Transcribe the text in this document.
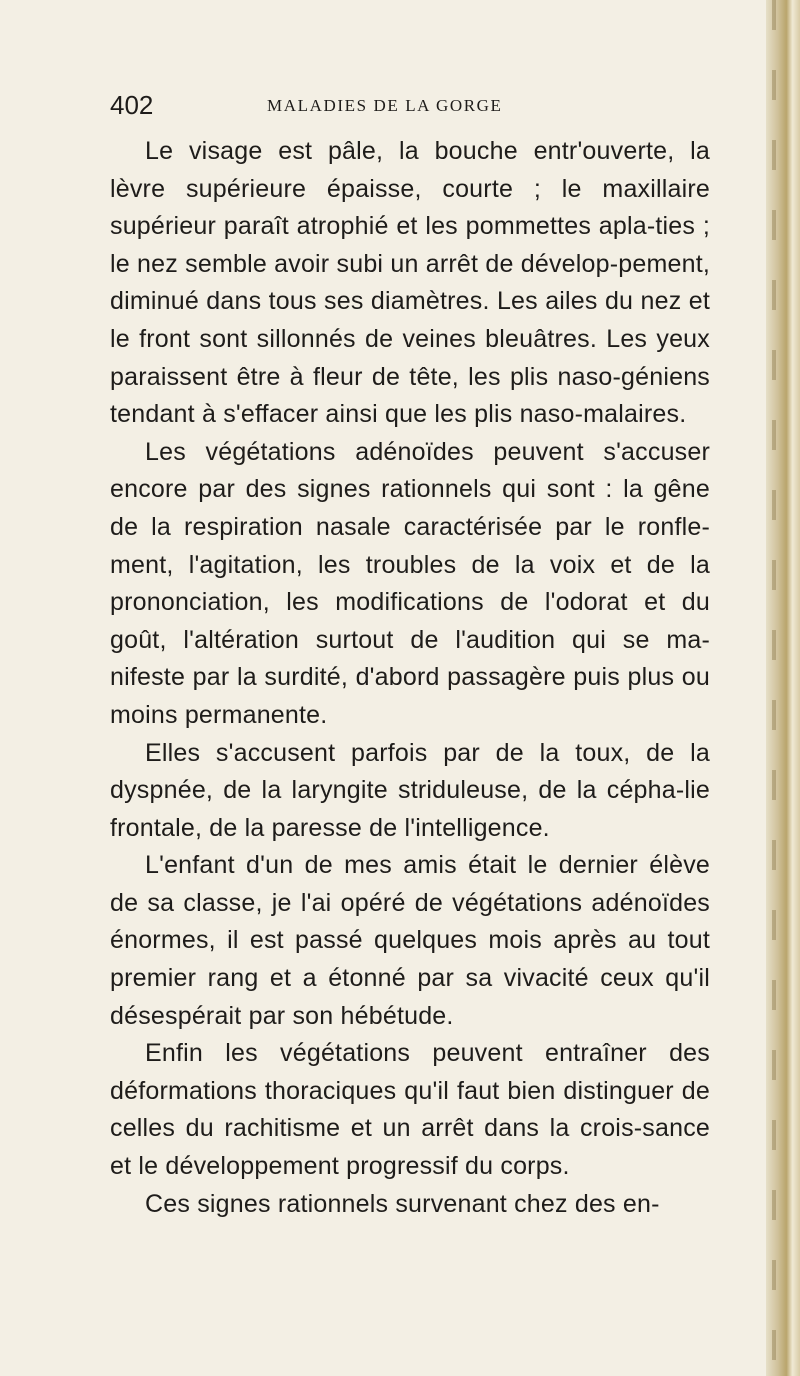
402	MALADIES DE LA GORGE

Le visage est pâle, la bouche entr'ouverte, la lèvre supérieure épaisse, courte ; le maxillaire supérieur paraît atrophié et les pommettes apla-ties ; le nez semble avoir subi un arrêt de dévelop-pement, diminué dans tous ses diamètres. Les ailes du nez et le front sont sillonnés de veines bleuâtres. Les yeux paraissent être à fleur de tête, les plis naso-géniens tendant à s'effacer ainsi que les plis naso-malaires.

Les végétations adénoïdes peuvent s'accuser encore par des signes rationnels qui sont : la gêne de la respiration nasale caractérisée par le ronfle-ment, l'agitation, les troubles de la voix et de la prononciation, les modifications de l'odorat et du goût, l'altération surtout de l'audition qui se ma-nifeste par la surdité, d'abord passagère puis plus ou moins permanente.

Elles s'accusent parfois par de la toux, de la dyspnée, de la laryngite striduleuse, de la cépha-lie frontale, de la paresse de l'intelligence.

L'enfant d'un de mes amis était le dernier élève de sa classe, je l'ai opéré de végétations adénoïdes énormes, il est passé quelques mois après au tout premier rang et a étonné par sa vivacité ceux qu'il désespérait par son hébétude.

Enfin les végétations peuvent entraîner des déformations thoraciques qu'il faut bien distinguer de celles du rachitisme et un arrêt dans la crois-sance et le développement progressif du corps.

Ces signes rationnels survenant chez des en-
